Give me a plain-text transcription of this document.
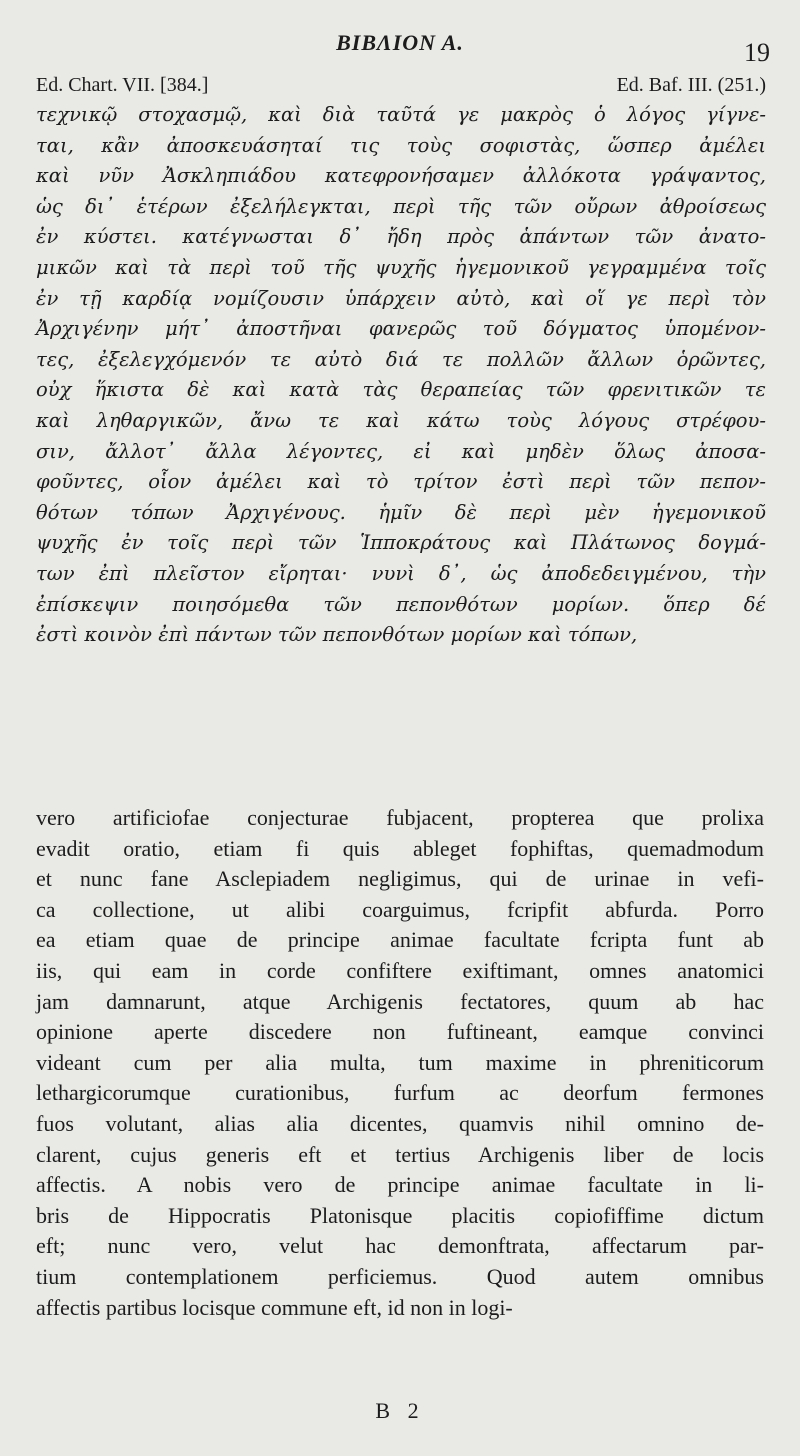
ΒΙΒΛΙΟΝ Α.	19
Ed. Chart. VII. [384.]	Ed. Baf. III. (251.)
τεχνικῷ στοχασμῷ, καὶ διὰ ταῦτά γε μακρὸς ὁ λόγος γίγνε-
ται, κἂν ἀποσκευάσηταί τις τοὺς σοφιστὰς, ὥσπερ ἀμέλει
καὶ νῦν Ἀσκληπιάδου κατεφρονήσαμεν ἀλλόκοτα γράψαντος,
ὡς δι᾽ ἑτέρων ἐξελήλεγκται, περὶ τῆς τῶν οὔρων ἀθροίσεως
ἐν κύστει. κατέγνωσται δ᾽ ἤδη πρὸς ἁπάντων τῶν ἀνατο-
μικῶν καὶ τὰ περὶ τοῦ τῆς ψυχῆς ἡγεμονικοῦ γεγραμμένα τοῖς
ἐν τῇ καρδίᾳ νομίζουσιν ὑπάρχειν αὐτὸ, καὶ οἵ γε περὶ τὸν
Ἀρχιγένην μήτ᾽ ἀποστῆναι φανερῶς τοῦ δόγματος ὑπομένον-
τες, ἐξελεγχόμενόν τε αὐτὸ διά τε πολλῶν ἄλλων ὁρῶντες,
οὐχ ἥκιστα δὲ καὶ κατὰ τὰς θεραπείας τῶν φρενιτικῶν τε
καὶ ληθαργικῶν, ἄνω τε καὶ κάτω τοὺς λόγους στρέφου-
σιν, ἄλλοτ᾽ ἄλλα λέγοντες, εἰ καὶ μηδὲν ὅλως ἀποσα-
φοῦντες, οἷον ἀμέλει καὶ τὸ τρίτον ἐστὶ περὶ τῶν πεπον-
θότων τόπων Ἀρχιγένους. ἡμῖν δὲ περὶ μὲν ἡγεμονικοῦ
ψυχῆς ἐν τοῖς περὶ τῶν Ἱπποκράτους καὶ Πλάτωνος δογμά-
των ἐπὶ πλεῖστον εἴρηται· νυνὶ δ᾽, ὡς ἀποδεδειγμένου, τὴν
ἐπίσκεψιν ποιησόμεθα τῶν πεπονθότων μορίων. ὅπερ δέ
ἐστὶ κοινὸν ἐπὶ πάντων τῶν πεπονθότων μορίων καὶ τόπων,
vero artificiofae conjecturae fubjacent, propterea que prolixa
evadit oratio, etiam fi quis ableget fophiftas, quemadmodum
et nunc fane Asclepiadem negligimus, qui de urinae in vefi-
ca collectione, ut alibi coarguimus, fcripfit abfurda. Porro
ea etiam quae de principe animae facultate fcripta funt ab
iis, qui eam in corde confiftere exiftimant, omnes anatomici
jam damnarunt, atque Archigenis fectatores, quum ab hac
opinione aperte discedere non fuftineant, eamque convinci
videant cum per alia multa, tum maxime in phreniticorum
lethargicorumque curationibus, furfum ac deorfum fermones
fuos volutant, alias alia dicentes, quamvis nihil omnino de-
clarent, cujus generis eft et tertius Archigenis liber de locis
affectis. A nobis vero de principe animae facultate in li-
bris de Hippocratis Platonisque placitis copiofiffime dictum
eft; nunc vero, velut hac demonftrata, affectarum par-
tium contemplationem perficiemus. Quod autem omnibus
affectis partibus locisque commune eft, id non in logi-
B 2
